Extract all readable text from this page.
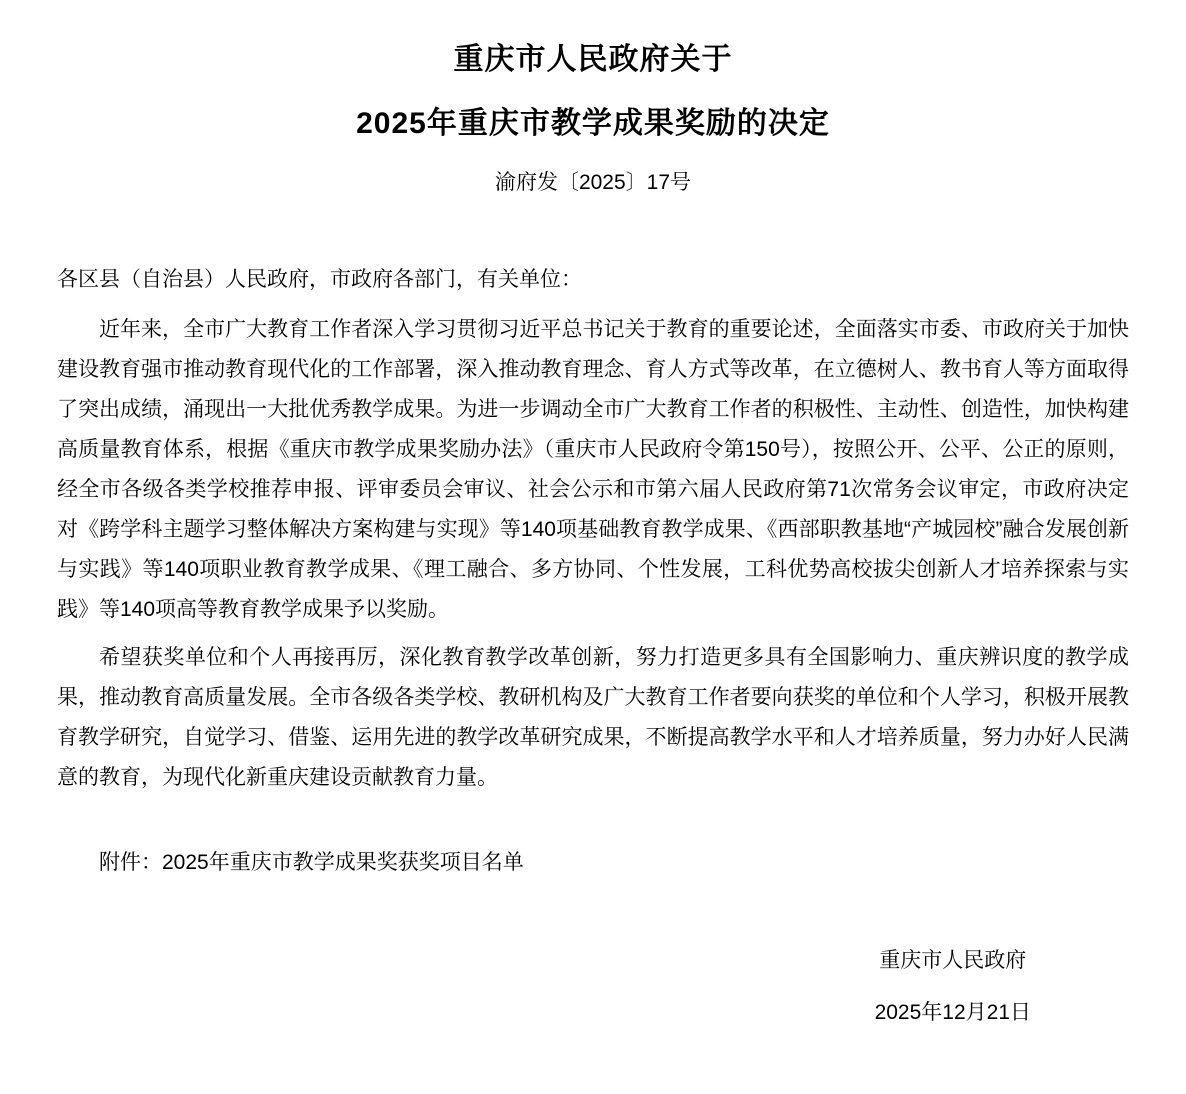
重庆市人民政府关于
2025年重庆市教学成果奖励的决定
渝府发〔2025〕17号
各区县（自治县）人民政府，市政府各部门，有关单位：

近年来，全市广大教育工作者深入学习贯彻习近平总书记关于教育的重要论述，全面落实市委、市政府关于加快建设教育强市推动教育现代化的工作部署，深入推动教育理念、育人方式等改革，在立德树人、教书育人等方面取得了突出成绩，涌现出一大批优秀教学成果。为进一步调动全市广大教育工作者的积极性、主动性、创造性，加快构建高质量教育体系，根据《重庆市教学成果奖励办法》（重庆市人民政府令第150号），按照公开、公平、公正的原则，经全市各级各类学校推荐申报、评审委员会审议、社会公示和市第六届人民政府第71次常务会议审定，市政府决定对《跨学科主题学习整体解决方案构建与实现》等140项基础教育教学成果、《西部职教基地“产城园校”融合发展创新与实践》等140项职业教育教学成果、《理工融合、多方协同、个性发展，工科优势高校拔尖创新人才培养探索与实践》等140项高等教育教学成果予以奖励。

希望获奖单位和个人再接再厉，深化教育教学改革创新，努力打造更多具有全国影响力、重庆辨识度的教学成果，推动教育高质量发展。全市各级各类学校、教研机构及广大教育工作者要向获奖的单位和个人学习，积极开展教育教学研究，自觉学习、借鉴、运用先进的教学改革研究成果，不断提高教学水平和人才培养质量，努力办好人民满意的教育，为现代化新重庆建设贡献教育力量。

附件：2025年重庆市教学成果奖获奖项目名单
重庆市人民政府
2025年12月21日
